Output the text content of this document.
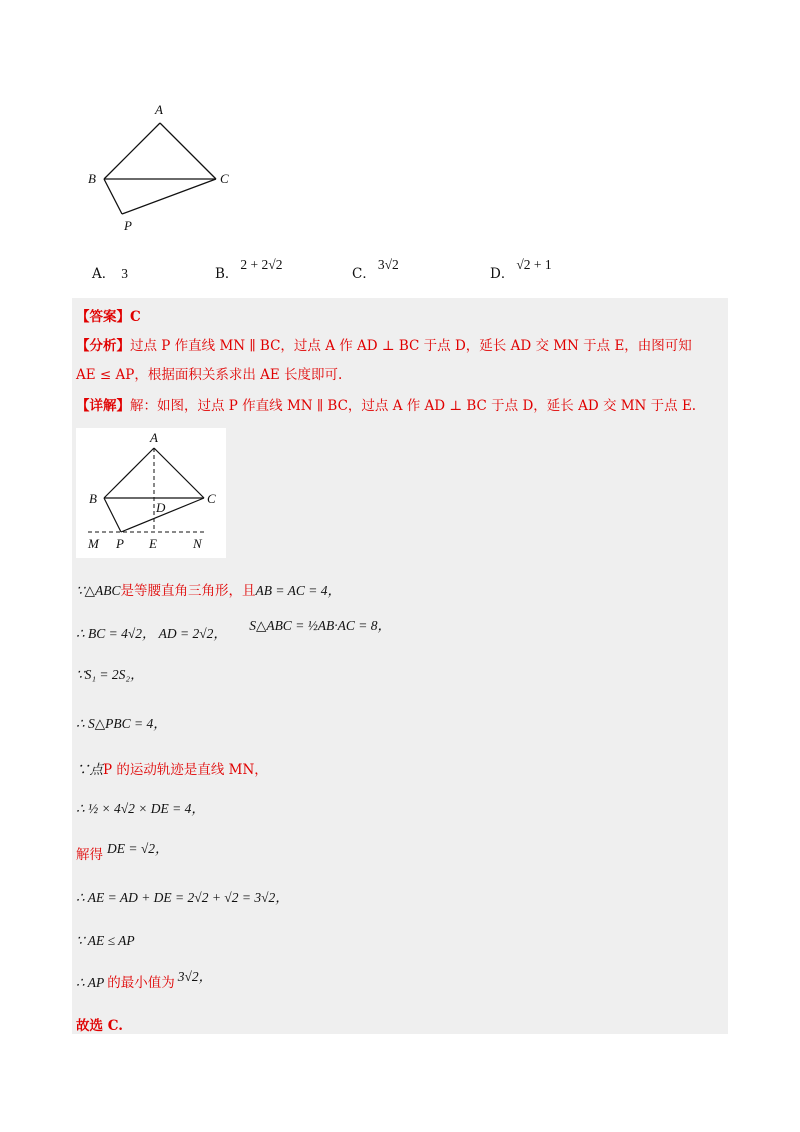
A
B	C
P
A． 3	B．2 + 2√2
C．3√2
D．√2 + 1
【答案】C
【分析】过点 P 作直线 MN ∥ BC，过点 A 作 AD ⊥ BC 于点 D，延长 AD 交 MN 于点 E，由图可知
AE ≤ AP，根据面积关系求出 AE 长度即可.
【详解】解：如图，过点 P 作直线 MN ∥ BC，过点 A 作 AD ⊥ BC 于点 D，延长 AD 交 MN 于点 E.
A
B	C
D
M P E	N
∵△ABC是等腰直角三角形，且AB = AC = 4，
∴ BC = 4√2， AD = 2√2， S△ABC = ½AB·AC = 8，
∵S₁ = 2S₂，
∴ S△PBC = 4，
∵点P 的运动轨迹是直线 MN，
∴ ½ × 4√2 × DE = 4，
解得 DE = √2，
∴ AE = AD + DE = 2√2 + √2 = 3√2，
∵ AE ≤ AP
∴ AP 的最小值为 3√2，
故选 C.
